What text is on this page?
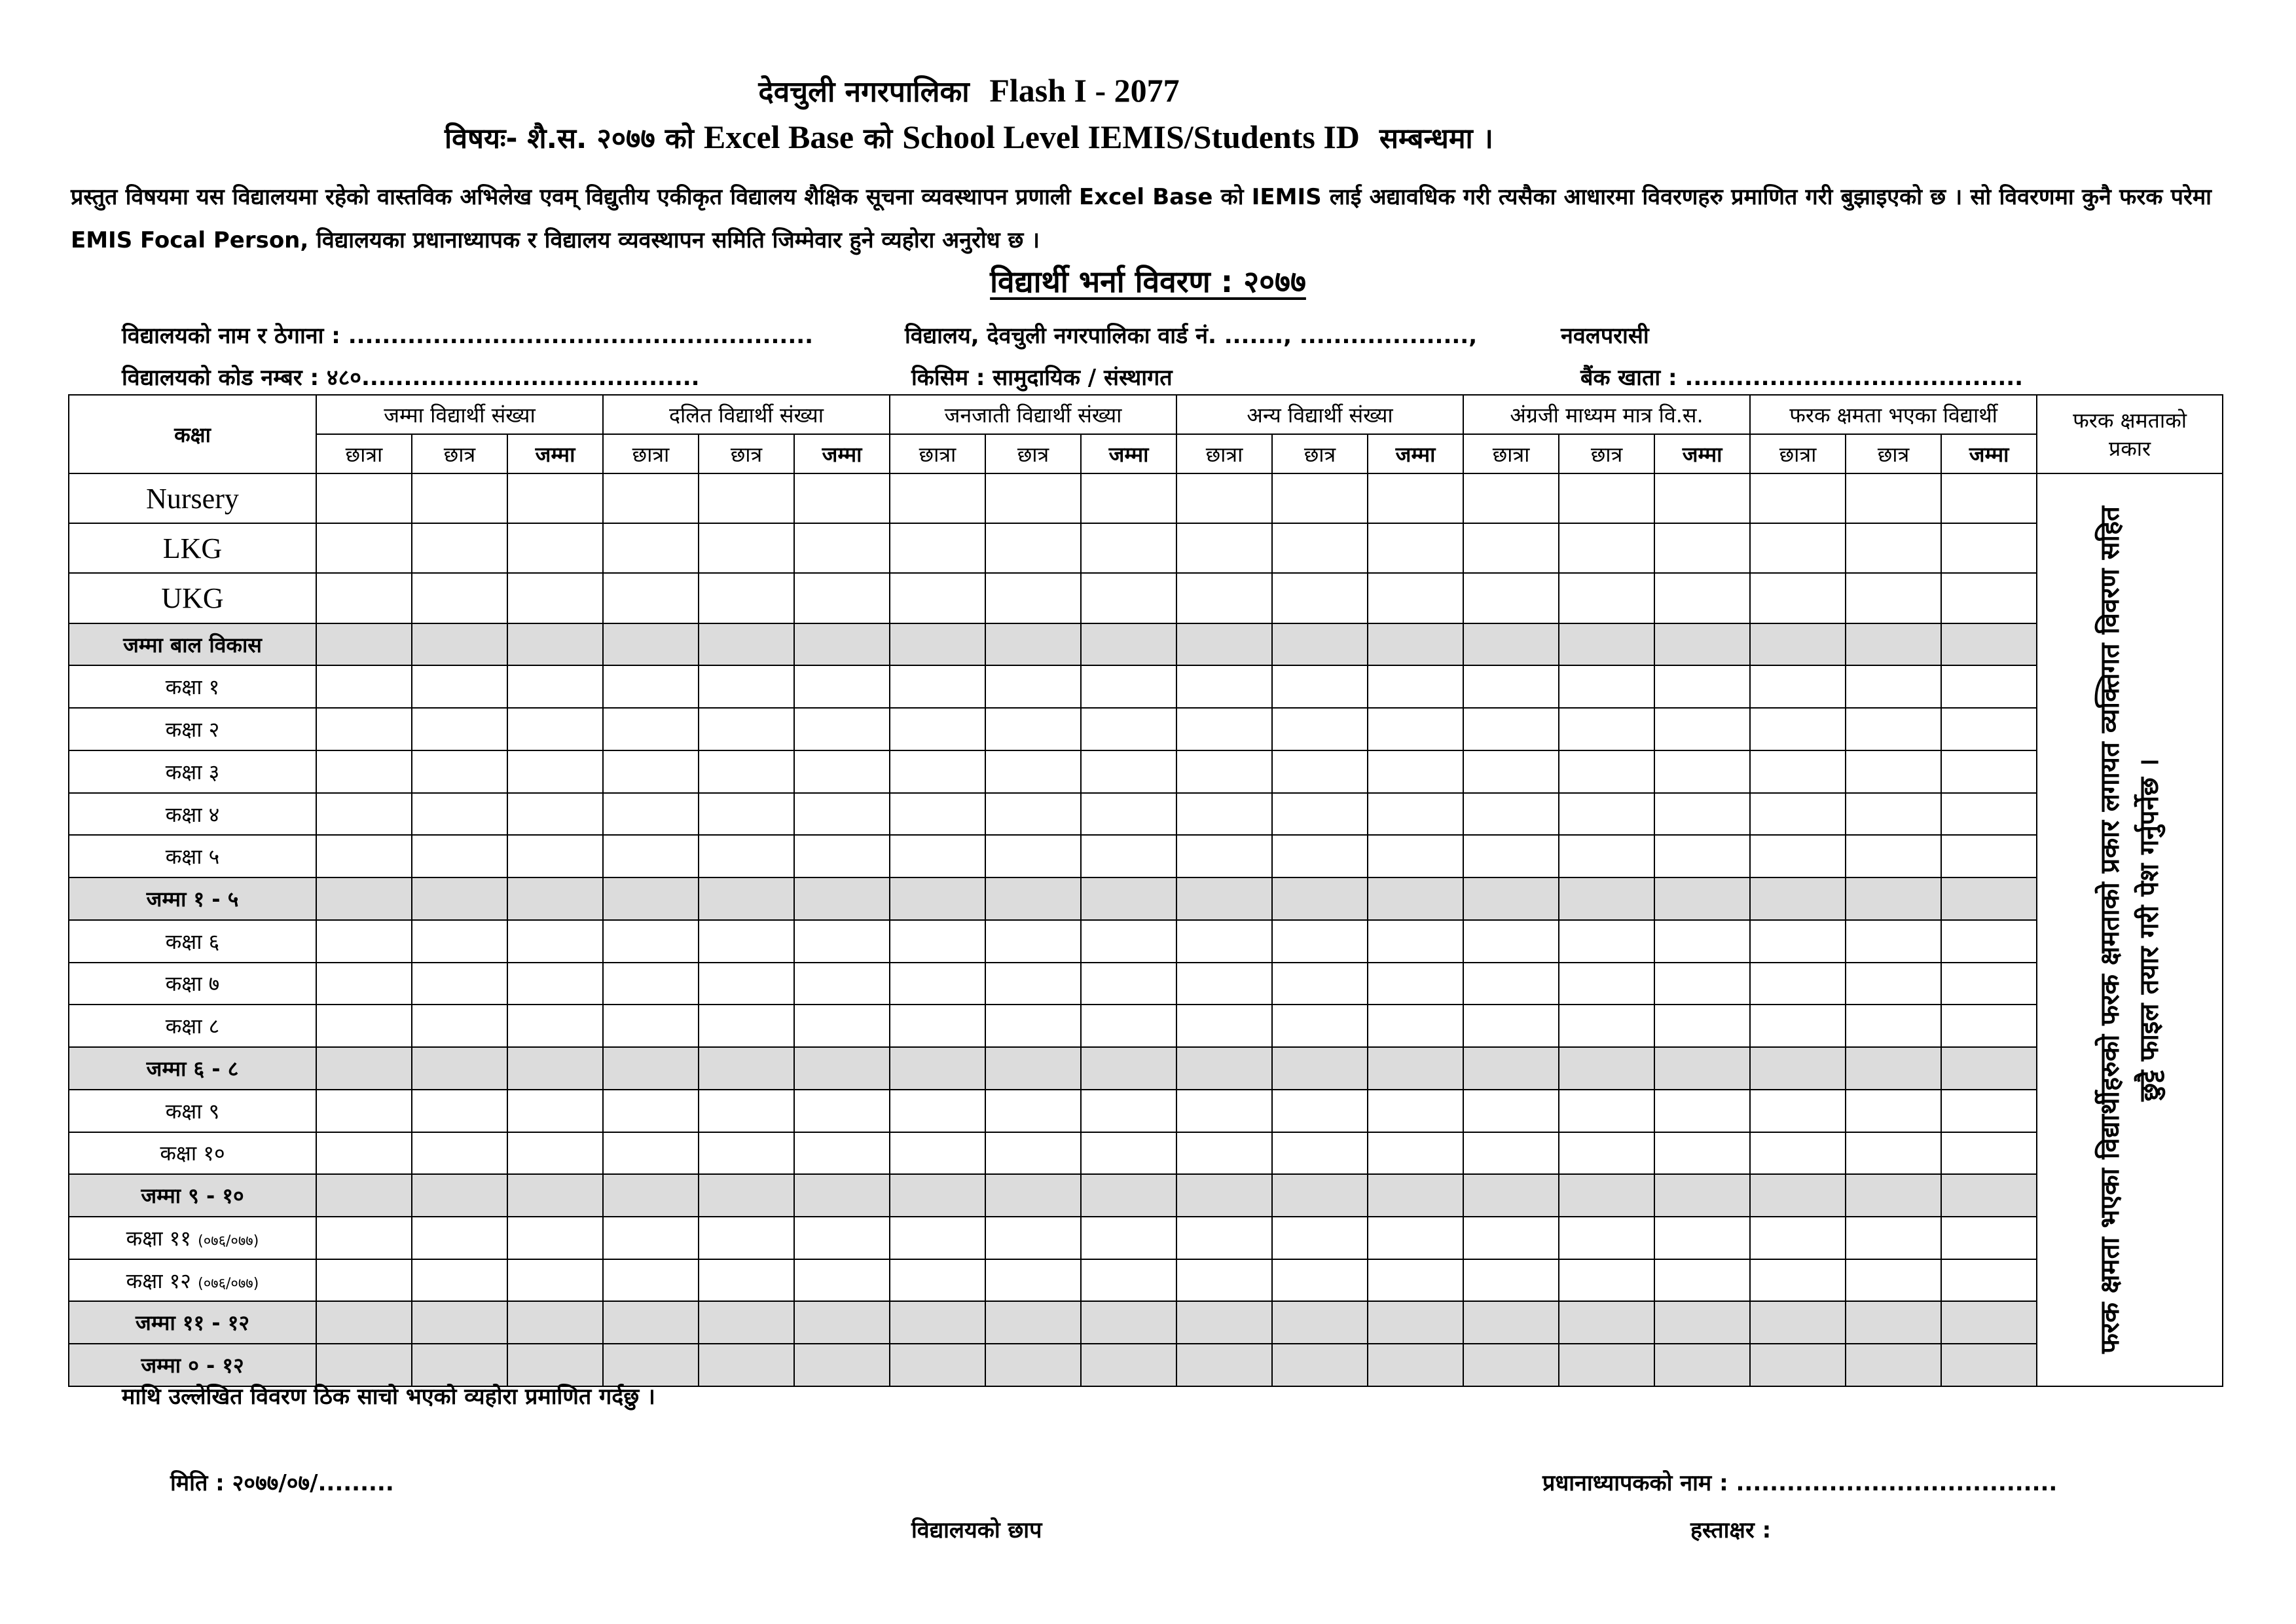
देवचुली नगरपालिका Flash I - 2077
विषयः- शै.स. २०७७ को Excel Base को School Level IEMIS/Students ID सम्बन्धमा ।
प्रस्तुत विषयमा यस विद्यालयमा रहेको वास्तविक अभिलेख एवम् विद्युतीय एकीकृत विद्यालय शैक्षिक सूचना व्यवस्थापन प्रणाली Excel Base को IEMIS लाई अद्यावधिक गरी त्यसैका आधारमा विवरणहरु प्रमाणित गरी बुझाइएको छ । सो विवरणमा कुनै फरक परेमा EMIS Focal Person, विद्यालयका प्रधानाध्यापक र विद्यालय व्यवस्थापन समिति जिम्मेवार हुने व्यहोरा अनुरोध छ ।
विद्यार्थी भर्ना विवरण : २०७७
विद्यालयको नाम र ठेगाना : .......................................................	विद्यालय, देवचुली नगरपालिका वार्ड नं. ......., ....................,	नवलपरासी
विद्यालयको कोड नम्बर : ४८०........................................	किसिम : सामुदायिक / संस्थागत	बैंक खाता : ........................................
कक्षा	जम्मा विद्यार्थी संख्या			दलित विद्यार्थी संख्या			जनजाती विद्यार्थी संख्या			अन्य विद्यार्थी संख्या			अंग्रजी माध्यम मात्र वि.स.			फरक क्षमता भएका विद्यार्थी			फरक क्षमताको
प्रकार

	छात्रा	छात्र	जम्मा	छात्रा	छात्र	जम्मा	छात्रा	छात्र	जम्मा	छात्रा	छात्र	जम्मा	छात्रा	छात्र	जम्मा	छात्रा	छात्र	जम्मा	
Nursery																			फरक क्षमता भएका विद्यार्थीहरुको फरक क्षमताको प्रकार लगायत व्यक्तिगत विवरण सहित छुट्टै फाइल तयार गरी पेश गर्नुपर्नेछ ।

LKG																			
UKG																			
जम्मा बाल विकास																			
कक्षा १																			
कक्षा २																			
कक्षा ३																			
कक्षा ४																			
कक्षा ५																			
जम्मा १ - ५																			
कक्षा ६																			
कक्षा ७																			
कक्षा ८																			
जम्मा ६ - ८																			
कक्षा ९																			
कक्षा १०																			
जम्मा ९ - १०																			
कक्षा ११ (०७६/०७७)																			
कक्षा १२ (०७६/०७७)																			
जम्मा ११ - १२																			
जम्मा ० - १२																			
माथि उल्लेखित विवरण ठिक साचो भएको व्यहोरा प्रमाणित गर्दछु ।
मिति : २०७७/०७/.........	प्रधानाध्यापकको नाम : ......................................
विद्यालयको छाप	हस्ताक्षर :
